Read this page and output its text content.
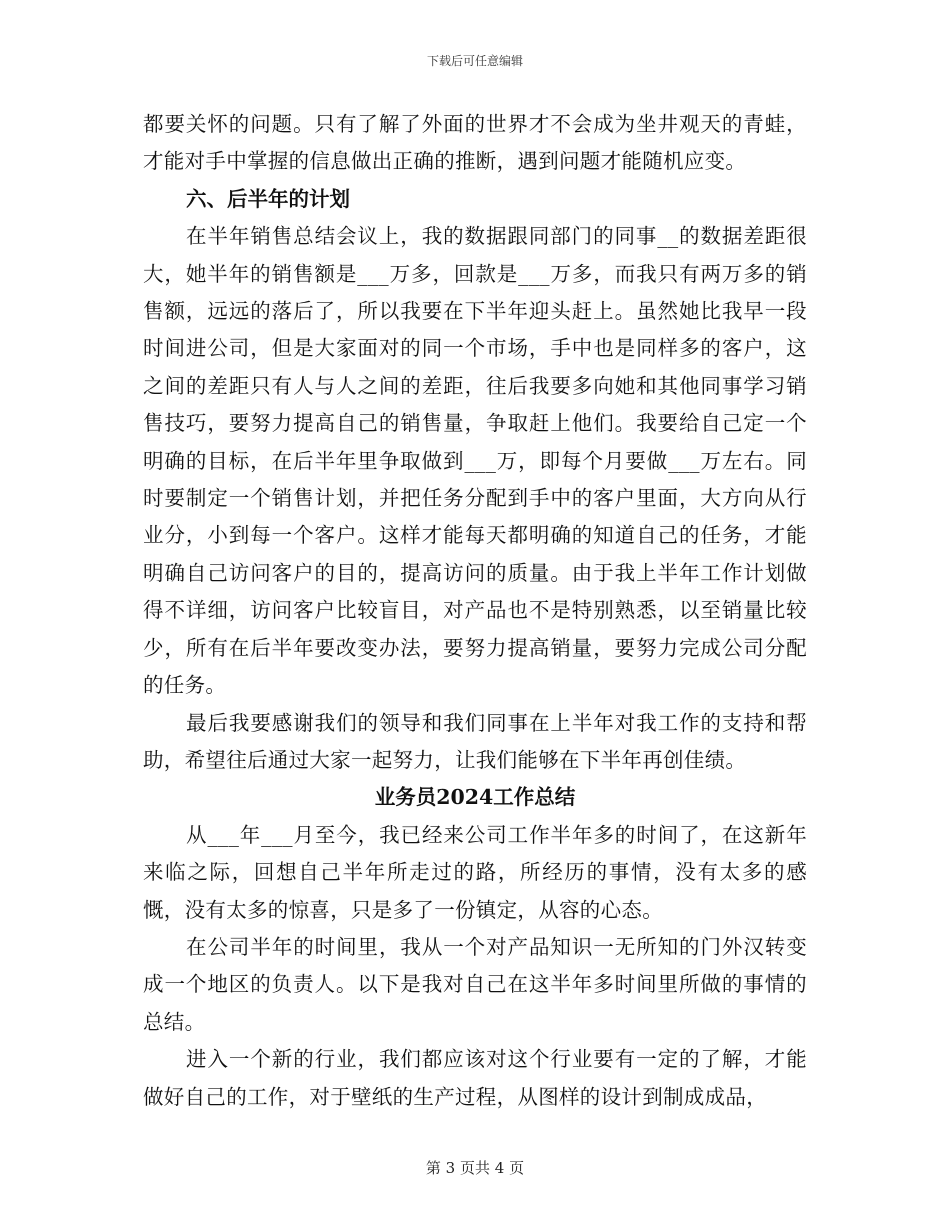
下载后可任意编辑

都要关怀的问题。只有了解了外面的世界才不会成为坐井观天的青蛙，才能对手中掌握的信息做出正确的推断，遇到问题才能随机应变。

六、后半年的计划

在半年销售总结会议上，我的数据跟同部门的同事__的数据差距很大，她半年的销售额是___万多，回款是___万多，而我只有两万多的销售额，远远的落后了，所以我要在下半年迎头赶上。虽然她比我早一段时间进公司，但是大家面对的同一个市场，手中也是同样多的客户，这之间的差距只有人与人之间的差距，往后我要多向她和其他同事学习销售技巧，要努力提高自己的销售量，争取赶上他们。我要给自己定一个明确的目标，在后半年里争取做到___万，即每个月要做___万左右。同时要制定一个销售计划，并把任务分配到手中的客户里面，大方向从行业分，小到每一个客户。这样才能每天都明确的知道自己的任务，才能明确自己访问客户的目的，提高访问的质量。由于我上半年工作计划做得不详细，访问客户比较盲目，对产品也不是特别熟悉，以至销量比较少，所有在后半年要改变办法，要努力提高销量，要努力完成公司分配的任务。

最后我要感谢我们的领导和我们同事在上半年对我工作的支持和帮助，希望往后通过大家一起努力，让我们能够在下半年再创佳绩。

业务员2024工作总结

从___年___月至今，我已经来公司工作半年多的时间了，在这新年来临之际，回想自己半年所走过的路，所经历的事情，没有太多的感慨，没有太多的惊喜，只是多了一份镇定，从容的心态。

在公司半年的时间里，我从一个对产品知识一无所知的门外汉转变成一个地区的负责人。以下是我对自己在这半年多时间里所做的事情的总结。

进入一个新的行业，我们都应该对这个行业要有一定的了解，才能做好自己的工作，对于壁纸的生产过程，从图样的设计到制成成品，

第 3 页共 4 页
